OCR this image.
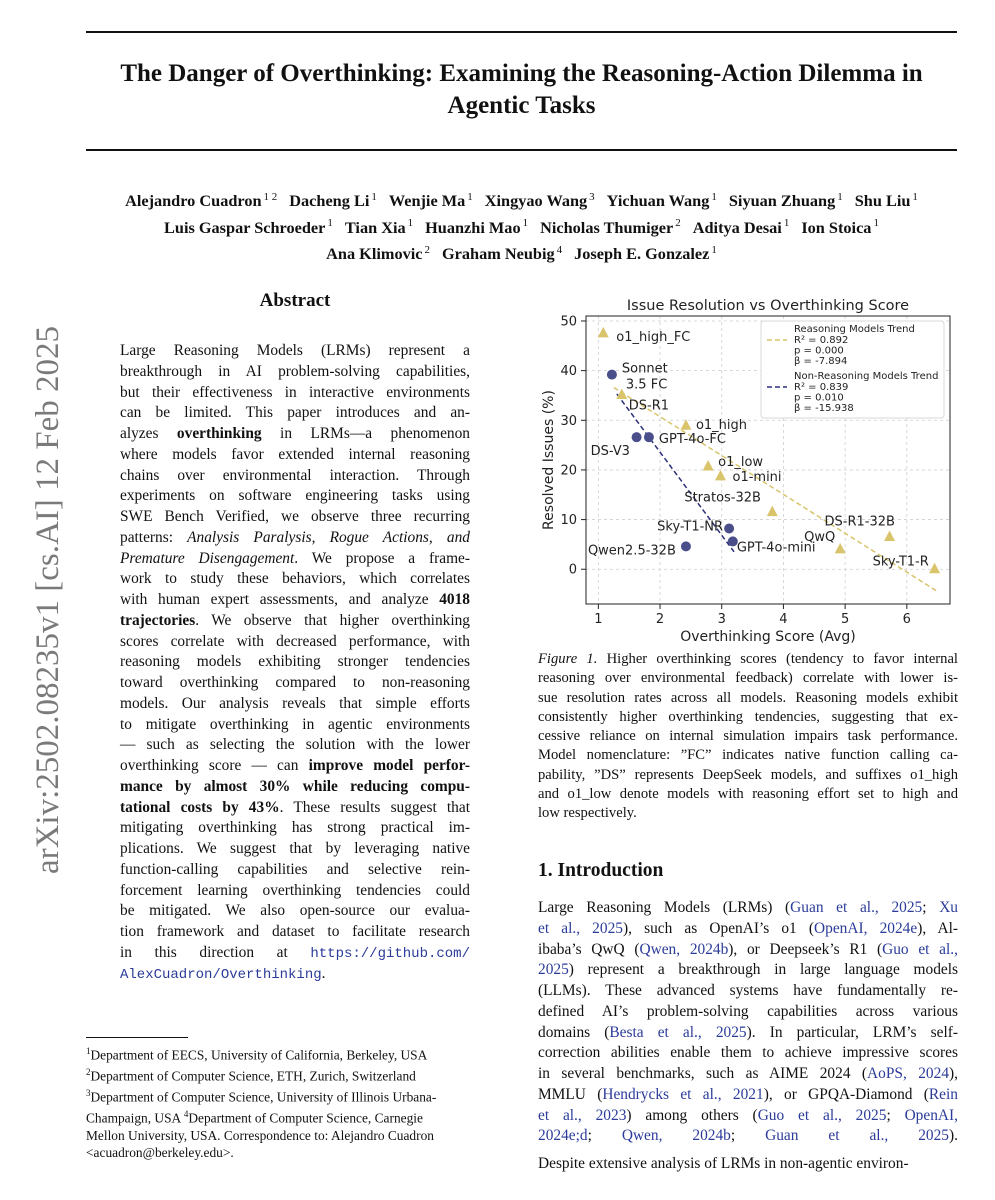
The Danger of Overthinking: Examining the Reasoning-Action Dilemma in
Agentic Tasks
Alejandro Cuadron $^{1 2}$ Dacheng Li $^1$ Wenjie Ma $^1$ Xingyao Wang $^3$ Yichuan Wang $^1$ Siyuan Zhuang $^1$ Shu Liu $^1$
Luis Gaspar Schroeder $^1$ Tian Xia $^1$ Huanzhi Mao $^1$ Nicholas Thumiger $^2$ Aditya Desai $^1$ Ion Stoica $^1$
Ana Klimovic $^2$ Graham Neubig $^4$ Joseph E. Gonzalez $^1$
arXiv:2502.08235v1 [cs.AI] 12 Feb 2025
Abstract
Large Reasoning Models (LRMs) represent a
breakthrough in AI problem-solving capabilities,
but their effectiveness in interactive environments
can be limited. This paper introduces and an-
alyzes overthinking in LRMs—a phenomenon
where models favor extended internal reasoning
chains over environmental interaction. Through
experiments on software engineering tasks using
SWE Bench Verified, we observe three recurring
patterns: Analysis Paralysis, Rogue Actions, and
Premature Disengagement. We propose a frame-
work to study these behaviors, which correlates
with human expert assessments, and analyze 4018
trajectories. We observe that higher overthinking
scores correlate with decreased performance, with
reasoning models exhibiting stronger tendencies
toward overthinking compared to non-reasoning
models. Our analysis reveals that simple efforts
to mitigate overthinking in agentic environments
— such as selecting the solution with the lower
overthinking score — can improve model perfor-
mance by almost 30% while reducing compu-
tational costs by 43%. These results suggest that
mitigating overthinking has strong practical im-
plications. We suggest that by leveraging native
function-calling capabilities and selective rein-
forcement learning overthinking tendencies could
be mitigated. We also open-source our evalua-
tion framework and dataset to facilitate research
in this direction at https://github.com/
AlexCuadron/Overthinking.
$^1$Department of EECS, University of California, Berkeley, USA
$^2$Department of Computer Science, ETH, Zurich, Switzerland
$^3$Department of Computer Science, University of Illinois Urbana-
Champaign, USA $^4$Department of Computer Science, Carnegie
Mellon University, USA. Correspondence to: Alejandro Cuadron
<acuadron@berkeley.edu>.
Issue Resolution vs Overthinking Score
1	2	3	4	5	6
0
10
20
30
40
50
Overthinking Score (Avg)
Resolved Issues (%)
o1_high_FC
DS-R1
o1_high
o1_low
o1-mini
Stratos-32B
QwQ
DS-R1-32B
Sky-T1-R
Sonnet 3.5 FC
DS-V3
GPT-4o-FC
Sky-T1-NR
GPT-4o-mini
Qwen2.5-32B
Reasoning Models Trend
R² = 0.892
p = 0.000
β = -7.894
Non-Reasoning Models Trend
R² = 0.839
p = 0.010
β = -15.938
Figure 1. Higher overthinking scores (tendency to favor internal
reasoning over environmental feedback) correlate with lower is-
sue resolution rates across all models. Reasoning models exhibit
consistently higher overthinking tendencies, suggesting that ex-
cessive reliance on internal simulation impairs task performance.
Model nomenclature: ”FC” indicates native function calling ca-
pability, ”DS” represents DeepSeek models, and suffixes o1_high
and o1_low denote models with reasoning effort set to high and
low respectively.
1. Introduction
Large Reasoning Models (LRMs) (Guan et al., 2025; Xu
et al., 2025), such as OpenAI’s o1 (OpenAI, 2024e), Al-
ibaba’s QwQ (Qwen, 2024b), or Deepseek’s R1 (Guo et al.,
2025) represent a breakthrough in large language models
(LLMs). These advanced systems have fundamentally re-
defined AI’s problem-solving capabilities across various
domains (Besta et al., 2025). In particular, LRM’s self-
correction abilities enable them to achieve impressive scores
in several benchmarks, such as AIME 2024 (AoPS, 2024),
MMLU (Hendrycks et al., 2021), or GPQA-Diamond (Rein
et al., 2023) among others (Guo et al., 2025; OpenAI,
2024e;d; Qwen, 2024b; Guan et al., 2025).
Despite extensive analysis of LRMs in non-agentic environ-
